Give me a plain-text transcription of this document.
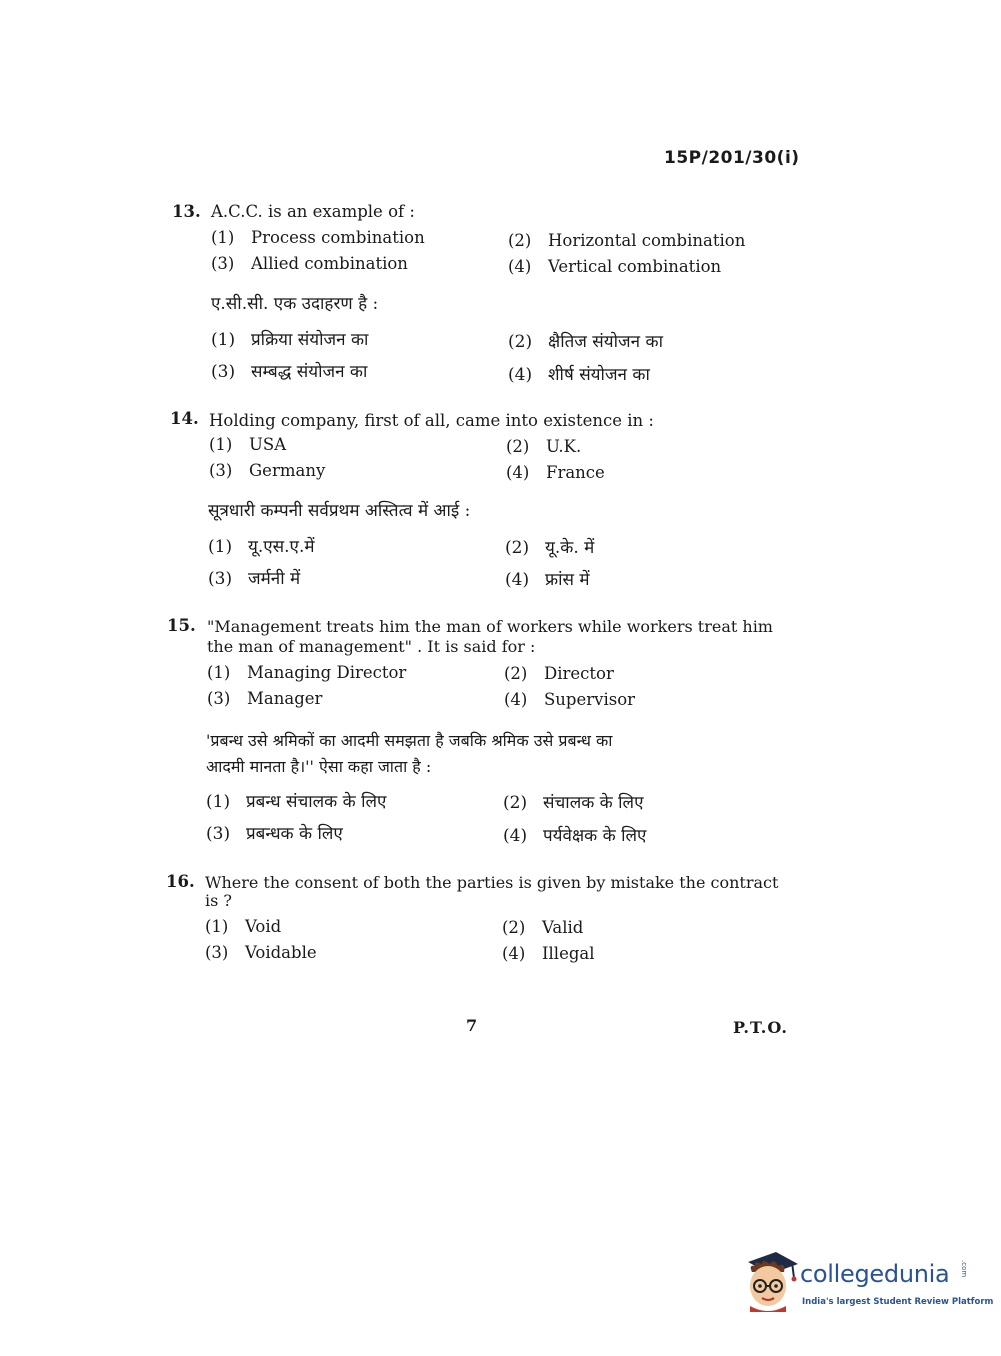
15P/201/30(i)
13. A.C.C. is an example of :
(1) Process combination	(2) Horizontal combination
(3) Allied combination	(4) Vertical combination
ए.सी.सी. एक उदाहरण है :
(1) प्रक्रिया संयोजन का	(2) क्षैतिज संयोजन का
(3) सम्बद्ध संयोजन का	(4) शीर्ष संयोजन का
14. Holding company, first of all, came into existence in :
(1) USA	(2) U.K.
(3) Germany	(4) France
सूत्रधारी कम्पनी सर्वप्रथम अस्तित्व में आई :
(1) यू.एस.ए.में	(2) यू.के. में
(3) जर्मनी में	(4) फ्रांस में
15. "Management treats him the man of workers while workers treat him
the man of management" . It is said for :
(1) Managing Director	(2) Director
(3) Manager	(4) Supervisor
'प्रबन्ध उसे श्रमिकों का आदमी समझता है जबकि श्रमिक उसे प्रबन्ध का
आदमी मानता है।'' ऐसा कहा जाता है :
(1) प्रबन्ध संचालक के लिए	(2) संचालक के लिए
(3) प्रबन्धक के लिए	(4) पर्यवेक्षक के लिए
16. Where the consent of both the parties is given by mistake the contract
is ?
(1) Void	(2) Valid
(3) Voidable	(4) Illegal
7	P.T.O.
collegedunia .com
India's largest Student Review Platform
